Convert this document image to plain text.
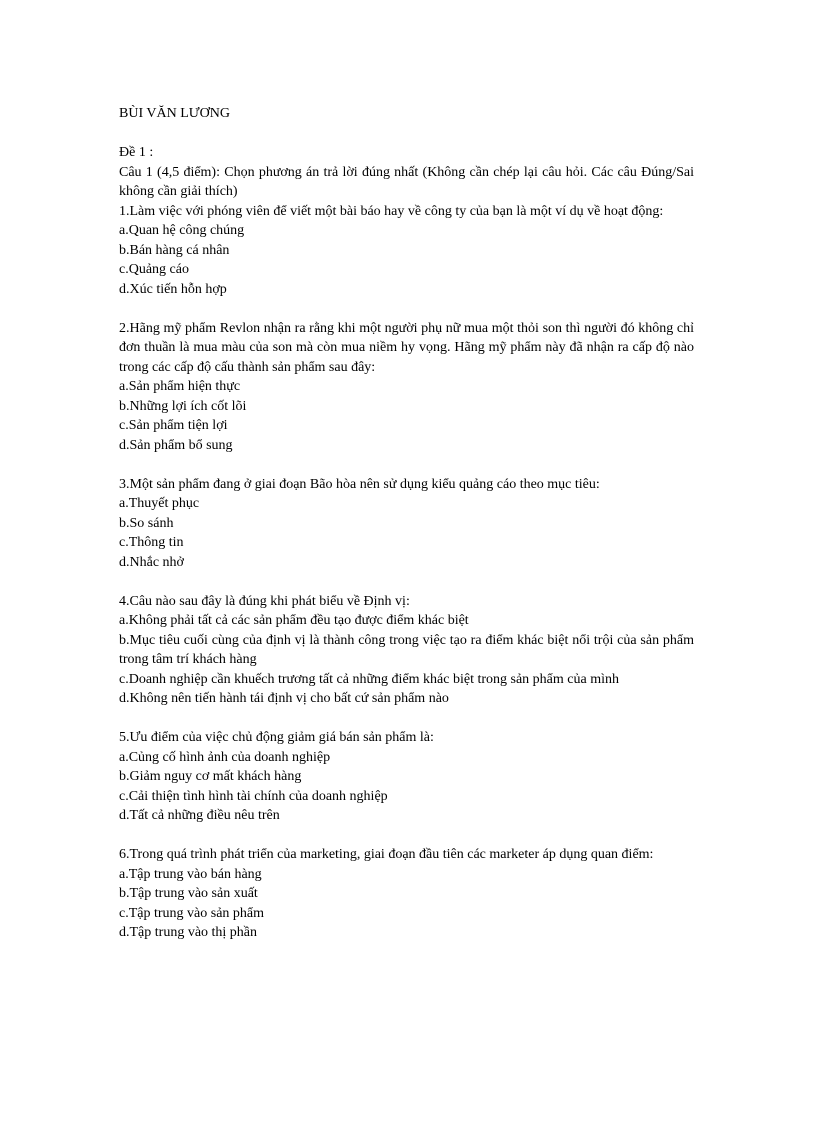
BÙI VĂN LƯƠNG
Đề 1 :
Câu 1 (4,5 điểm): Chọn phương án trả lời đúng nhất (Không cần chép lại câu hỏi. Các câu Đúng/Sai không cần giải thích)
1.Làm việc với phóng viên để viết một bài báo hay về công ty của bạn là một ví dụ về hoạt động:
a.Quan hệ công chúng
b.Bán hàng cá nhân
c.Quảng cáo
d.Xúc tiến hỗn hợp
2.Hãng mỹ phẩm Revlon nhận ra rằng khi một người phụ nữ mua một thỏi son thì người đó không chỉ đơn thuần là mua màu của son mà còn mua niềm hy vọng. Hãng mỹ phẩm này đã nhận ra cấp độ nào trong các cấp độ cấu thành sản phẩm sau đây:
a.Sản phẩm hiện thực
b.Những lợi ích cốt lõi
c.Sản phẩm tiện lợi
d.Sản phẩm bổ sung
3.Một sản phẩm đang ở giai đoạn Bão hòa nên sử dụng kiểu quảng cáo theo mục tiêu:
a.Thuyết phục
b.So sánh
c.Thông tin
d.Nhắc nhở
4.Câu nào sau đây là đúng khi phát biểu về Định vị:
a.Không phải tất cả các sản phẩm đều tạo được điểm khác biệt
b.Mục tiêu cuối cùng của định vị là thành công trong việc tạo ra điểm khác biệt nổi trội của sản phẩm trong tâm trí khách hàng
c.Doanh nghiệp cần khuếch trương tất cả những điểm khác biệt trong sản phẩm của mình
d.Không nên tiến hành tái định vị cho bất cứ sản phẩm nào
5.Ưu điểm của việc chủ động giảm giá bán sản phẩm là:
a.Củng cố hình ảnh của doanh nghiệp
b.Giảm nguy cơ mất khách hàng
c.Cải thiện tình hình tài chính của doanh nghiệp
d.Tất cả những điều nêu trên
6.Trong quá trình phát triển của marketing, giai đoạn đầu tiên các marketer áp dụng quan điểm:
a.Tập trung vào bán hàng
b.Tập trung vào sản xuất
c.Tập trung vào sản phẩm
d.Tập trung vào thị phần
